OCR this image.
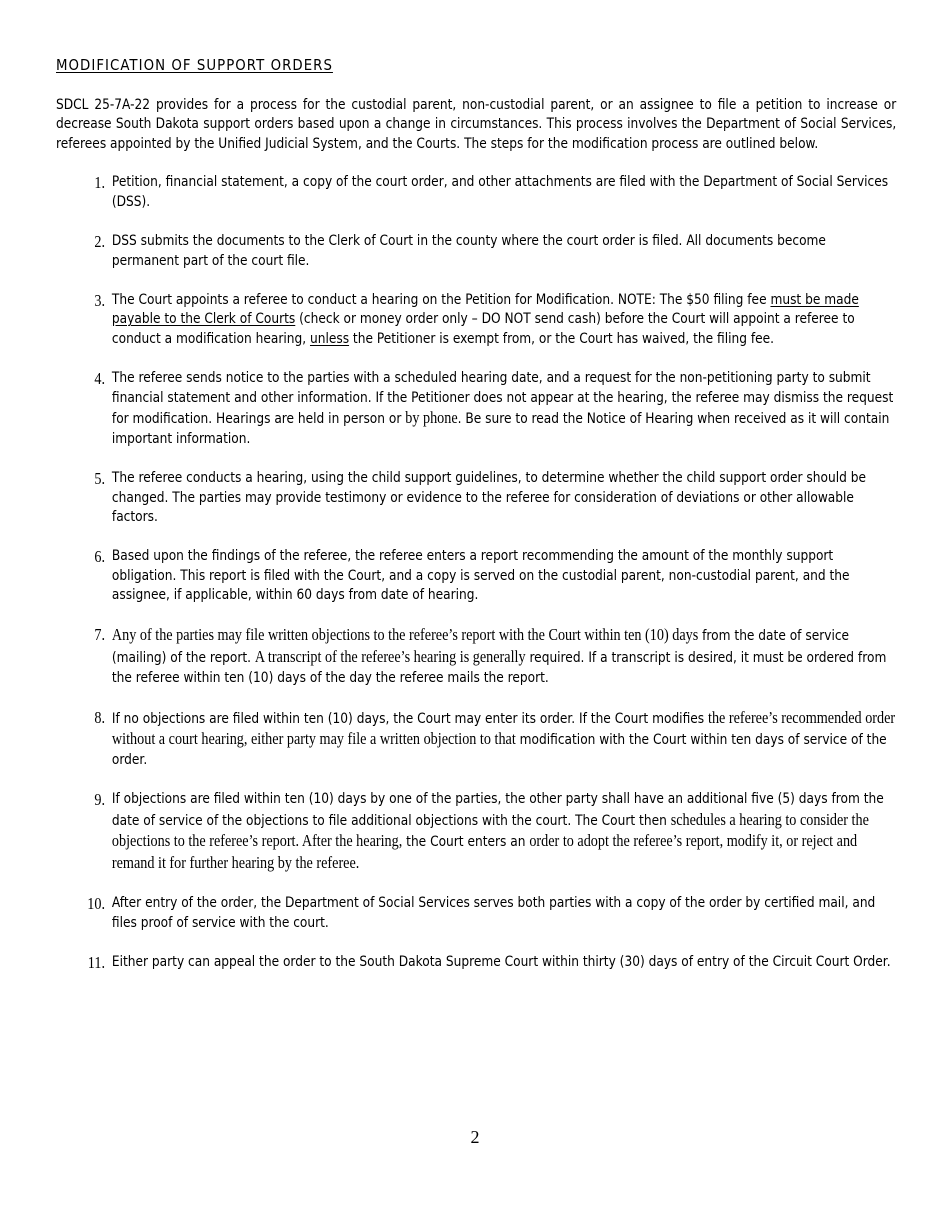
MODIFICATION OF SUPPORT ORDERS

SDCL 25-7A-22 provides for a process for the custodial parent, non-custodial parent, or an assignee to file a petition to increase or decrease South Dakota support orders based upon a change in circumstances. This process involves the Department of Social Services, referees appointed by the Unified Judicial System, and the Courts. The steps for the modification process are outlined below.

1. Petition, financial statement, a copy of the court order, and other attachments are filed with the Department of Social Services (DSS).
2. DSS submits the documents to the Clerk of Court in the county where the court order is filed. All documents become permanent part of the court file.
3. The Court appoints a referee to conduct a hearing on the Petition for Modification. NOTE: The $50 filing fee must be made payable to the Clerk of Courts (check or money order only – DO NOT send cash) before the Court will appoint a referee to conduct a modification hearing, unless the Petitioner is exempt from, or the Court has waived, the filing fee.
4. The referee sends notice to the parties with a scheduled hearing date, and a request for the non-petitioning party to submit financial statement and other information. If the Petitioner does not appear at the hearing, the referee may dismiss the request for modification. Hearings are held in person or by phone. Be sure to read the Notice of Hearing when received as it will contain important information.
5. The referee conducts a hearing, using the child support guidelines, to determine whether the child support order should be changed. The parties may provide testimony or evidence to the referee for consideration of deviations or other allowable factors.
6. Based upon the findings of the referee, the referee enters a report recommending the amount of the monthly support obligation. This report is filed with the Court, and a copy is served on the custodial parent, non-custodial parent, and the assignee, if applicable, within 60 days from date of hearing.
7. Any of the parties may file written objections to the referee’s report with the Court within ten (10) days from the date of service (mailing) of the report. A transcript of the referee’s hearing is generally required. If a transcript is desired, it must be ordered from the referee within ten (10) days of the day the referee mails the report.
8. If no objections are filed within ten (10) days, the Court may enter its order. If the Court modifies the referee’s recommended order without a court hearing, either party may file a written objection to that modification with the Court within ten days of service of the order.
9. If objections are filed within ten (10) days by one of the parties, the other party shall have an additional five (5) days from the date of service of the objections to file additional objections with the court. The Court then schedules a hearing to consider the objections to the referee’s report. After the hearing, the Court enters an order to adopt the referee’s report, modify it, or reject and remand it for further hearing by the referee.
10. After entry of the order, the Department of Social Services serves both parties with a copy of the order by certified mail, and files proof of service with the court.
11. Either party can appeal the order to the South Dakota Supreme Court within thirty (30) days of entry of the Circuit Court Order.
2
